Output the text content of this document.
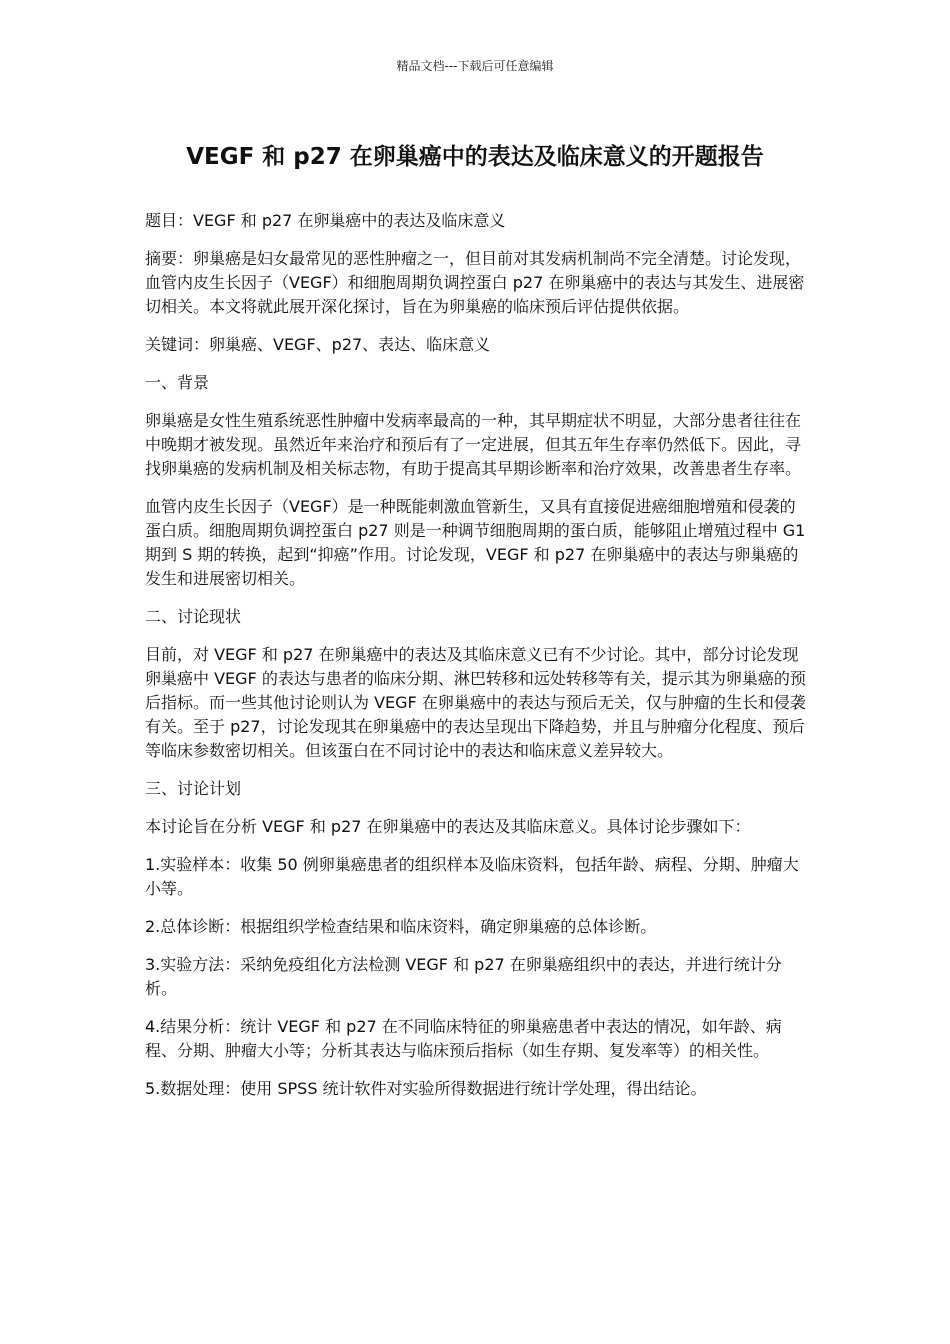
精品文档---下载后可任意编辑
VEGF 和 p27 在卵巢癌中的表达及临床意义的开题报告

题目：VEGF 和 p27 在卵巢癌中的表达及临床意义

摘要：卵巢癌是妇女最常见的恶性肿瘤之一，但目前对其发病机制尚不完全清楚。讨论发现，血管内皮生长因子（VEGF）和细胞周期负调控蛋白 p27 在卵巢癌中的表达与其发生、进展密切相关。本文将就此展开深化探讨，旨在为卵巢癌的临床预后评估提供依据。

关键词：卵巢癌、VEGF、p27、表达、临床意义

一、背景

卵巢癌是女性生殖系统恶性肿瘤中发病率最高的一种，其早期症状不明显，大部分患者往往在中晚期才被发现。虽然近年来治疗和预后有了一定进展，但其五年生存率仍然低下。因此，寻找卵巢癌的发病机制及相关标志物，有助于提高其早期诊断率和治疗效果，改善患者生存率。

血管内皮生长因子（VEGF）是一种既能刺激血管新生，又具有直接促进癌细胞增殖和侵袭的蛋白质。细胞周期负调控蛋白 p27 则是一种调节细胞周期的蛋白质，能够阻止增殖过程中 G1 期到 S 期的转换，起到“抑癌”作用。讨论发现，VEGF 和 p27 在卵巢癌中的表达与卵巢癌的发生和进展密切相关。

二、讨论现状

目前，对 VEGF 和 p27 在卵巢癌中的表达及其临床意义已有不少讨论。其中，部分讨论发现卵巢癌中 VEGF 的表达与患者的临床分期、淋巴转移和远处转移等有关，提示其为卵巢癌的预后指标。而一些其他讨论则认为 VEGF 在卵巢癌中的表达与预后无关，仅与肿瘤的生长和侵袭有关。至于 p27，讨论发现其在卵巢癌中的表达呈现出下降趋势，并且与肿瘤分化程度、预后等临床参数密切相关。但该蛋白在不同讨论中的表达和临床意义差异较大。

三、讨论计划

本讨论旨在分析 VEGF 和 p27 在卵巢癌中的表达及其临床意义。具体讨论步骤如下：

1.实验样本：收集 50 例卵巢癌患者的组织样本及临床资料，包括年龄、病程、分期、肿瘤大小等。

2.总体诊断：根据组织学检查结果和临床资料，确定卵巢癌的总体诊断。

3.实验方法：采纳免疫组化方法检测 VEGF 和 p27 在卵巢癌组织中的表达，并进行统计分析。

4.结果分析：统计 VEGF 和 p27 在不同临床特征的卵巢癌患者中表达的情况，如年龄、病程、分期、肿瘤大小等；分析其表达与临床预后指标（如生存期、复发率等）的相关性。

5.数据处理：使用 SPSS 统计软件对实验所得数据进行统计学处理，得出结论。
